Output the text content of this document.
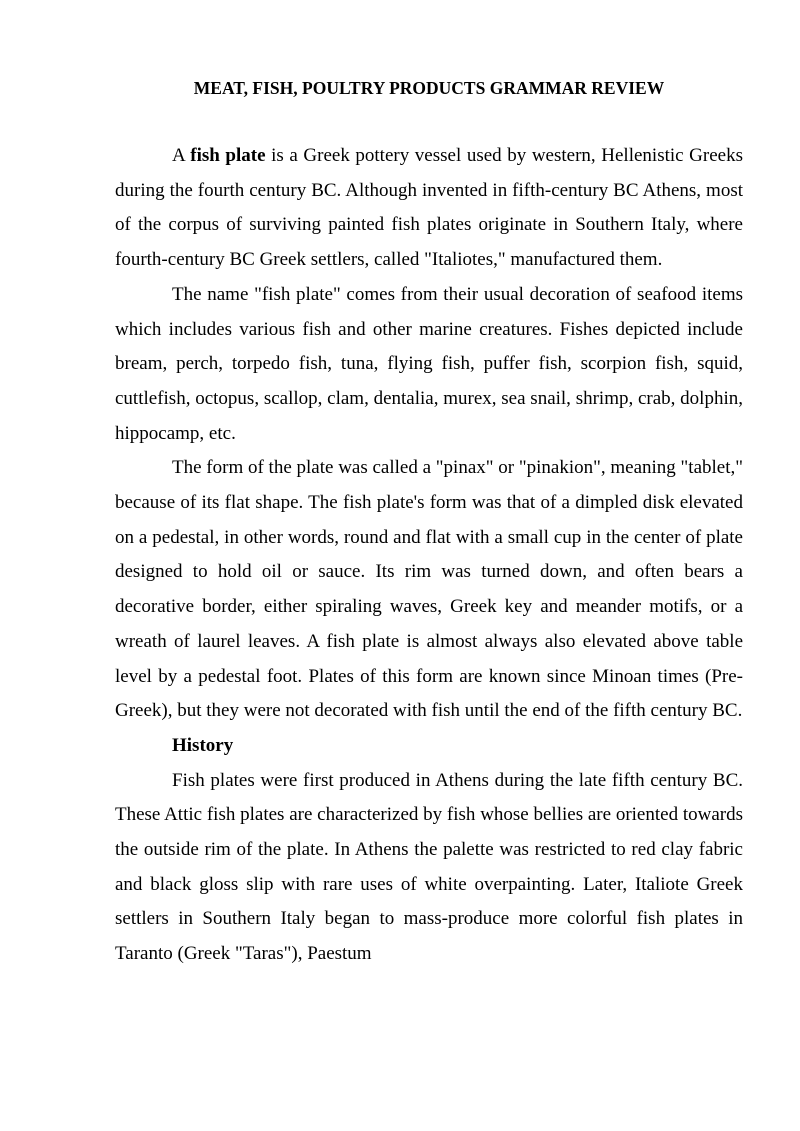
MEAT, FISH, POULTRY PRODUCTS GRAMMAR REVIEW

A fish plate is a Greek pottery vessel used by western, Hellenistic Greeks during the fourth century BC. Although invented in fifth-century BC Athens, most of the corpus of surviving painted fish plates originate in Southern Italy, where fourth-century BC Greek settlers, called "Italiotes," manufactured them.

The name "fish plate" comes from their usual decoration of seafood items which includes various fish and other marine creatures. Fishes depicted include bream, perch, torpedo fish, tuna, flying fish, puffer fish, scorpion fish, squid, cuttlefish, octopus, scallop, clam, dentalia, murex, sea snail, shrimp, crab, dolphin, hippocamp, etc.

The form of the plate was called a "pinax" or "pinakion", meaning "tablet," because of its flat shape. The fish plate's form was that of a dimpled disk elevated on a pedestal, in other words, round and flat with a small cup in the center of plate designed to hold oil or sauce. Its rim was turned down, and often bears a decorative border, either spiraling waves, Greek key and meander motifs, or a wreath of laurel leaves. A fish plate is almost always also elevated above table level by a pedestal foot. Plates of this form are known since Minoan times (Pre-Greek), but they were not decorated with fish until the end of the fifth century BC.

History

Fish plates were first produced in Athens during the late fifth century BC. These Attic fish plates are characterized by fish whose bellies are oriented towards the outside rim of the plate. In Athens the palette was restricted to red clay fabric and black gloss slip with rare uses of white overpainting. Later, Italiote Greek settlers in Southern Italy began to mass-produce more colorful fish plates in Taranto (Greek "Taras"), Paestum
